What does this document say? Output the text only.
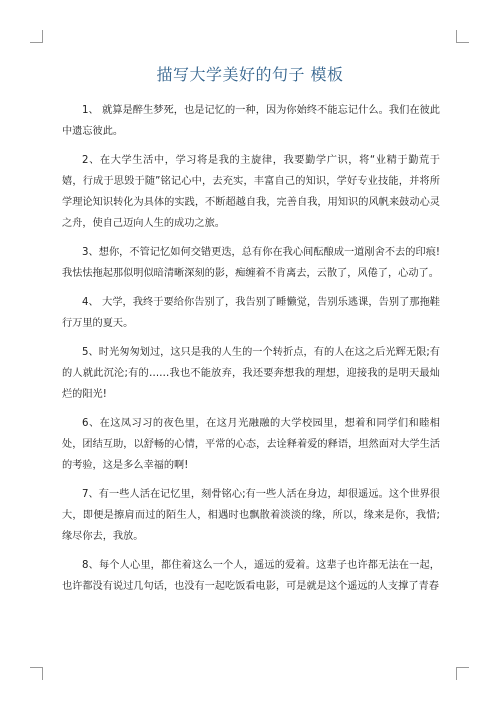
描写大学美好的句子 模板

1、 就算是醉生梦死，也是记忆的一种，因为你始终不能忘记什么。我们在彼此中遗忘彼此。

2、在大学生活中，学习将是我的主旋律，我要勤学广识，将“业精于勤荒于嬉，行成于思毁于随”铭记心中，去充实，丰富自己的知识，学好专业技能，并将所学理论知识转化为具体的实践，不断超越自我，完善自我，用知识的风帆来鼓动心灵之舟，使自己迈向人生的成功之旅。

3、想你，不管记忆如何交错更迭，总有你在我心间酝酿成一道剐舍不去的印痕!我怯怯拖起那似明似暗清晰深刻的影，痴缠着不肯离去，云散了，风倦了，心动了。

4、 大学，我终于要给你告别了，我告别了睡懒觉，告别乐逃课，告别了那拖鞋行万里的夏天。

5、时光匆匆划过，这只是我的人生的一个转折点，有的人在这之后光辉无限;有的人就此沉沦;有的……我也不能放弃，我还要奔想我的理想，迎接我的是明天最灿烂的阳光!

6、在这凤习习的夜色里，在这月光融融的大学校园里，想着和同学们和睦相处，团结互助，以舒畅的心情，平常的心态，去诠释着爱的释语，坦然面对大学生活的考验，这是多么幸福的啊!

7、有一些人活在记忆里，刻骨铭心;有一些人活在身边，却很遥远。这个世界很大，即便是擦肩而过的陌生人，相遇时也飘散着淡淡的缘，所以，缘来是你，我惜;缘尽你去，我放。

8、每个人心里，都住着这么一个人，遥远的爱着。这辈子也许都无法在一起，也许都没有说过几句话，也没有一起吃饭看电影，可是就是这个遥远的人支撑了青春
